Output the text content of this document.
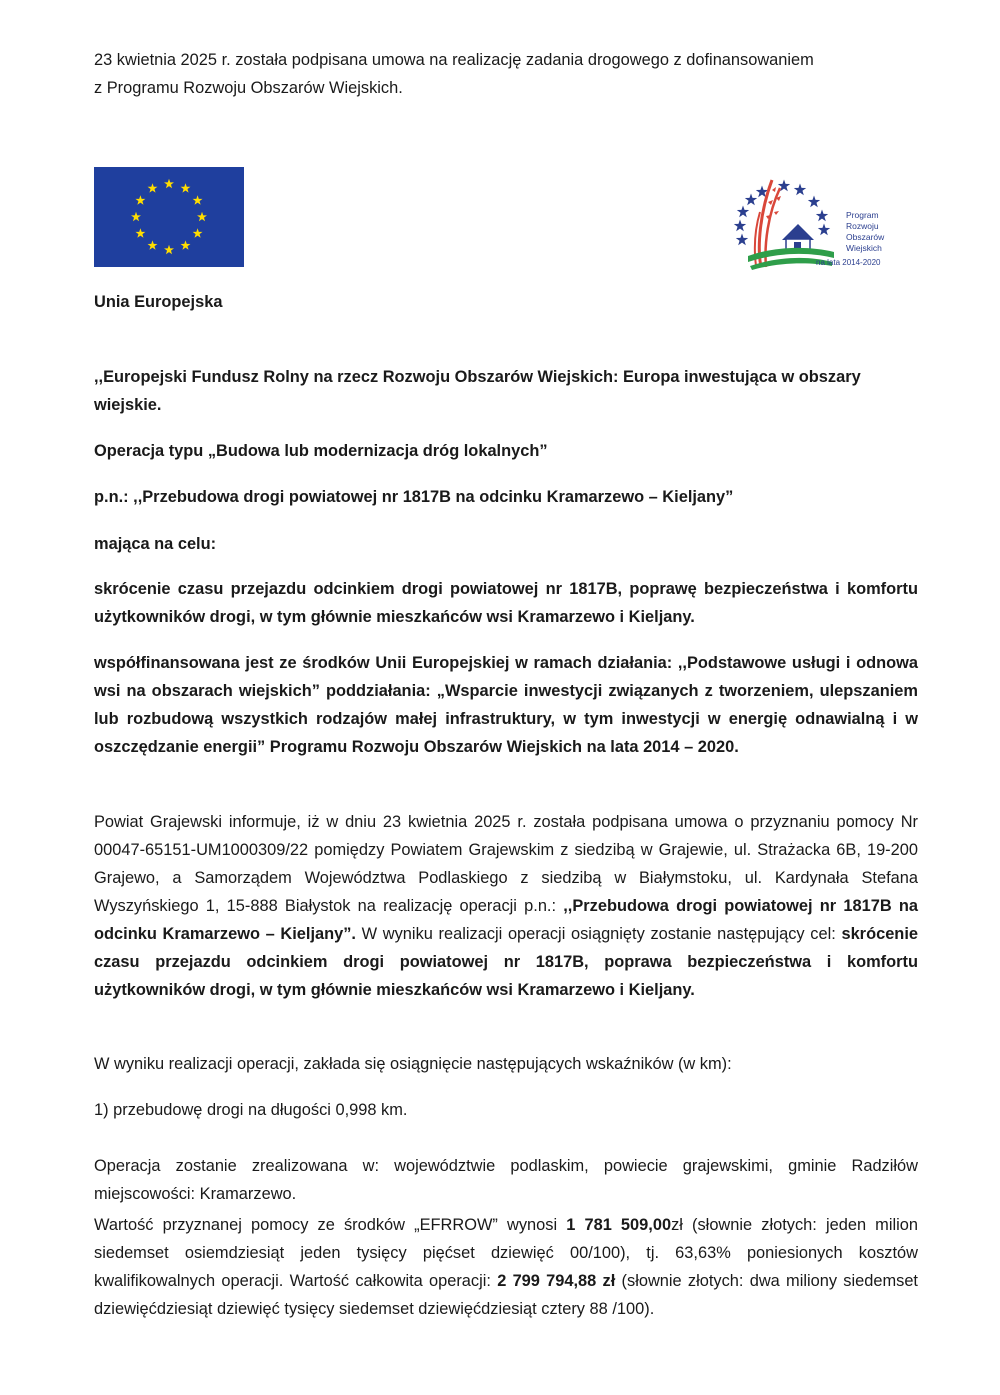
23 kwietnia 2025 r. została podpisana umowa na realizację zadania drogowego z dofinansowaniem
z Programu Rozwoju Obszarów Wiejskich.

Program
Rozwoju
Obszarów
Wiejskich
na lata 2014-2020

Unia Europejska

,,Europejski Fundusz Rolny na rzecz Rozwoju Obszarów Wiejskich: Europa inwestująca w obszary wiejskie.

Operacja typu „Budowa lub modernizacja dróg lokalnych”

p.n.: ,,Przebudowa drogi powiatowej nr 1817B na odcinku Kramarzewo – Kieljany”

mająca na celu:

skrócenie czasu przejazdu odcinkiem drogi powiatowej nr 1817B, poprawę bezpieczeństwa i komfortu użytkowników drogi, w tym głównie mieszkańców wsi Kramarzewo i Kieljany.

współfinansowana jest ze środków Unii Europejskiej w ramach działania: ,,Podstawowe usługi i odnowa wsi na obszarach wiejskich” poddziałania: „Wsparcie inwestycji związanych z tworzeniem, ulepszaniem lub rozbudową wszystkich rodzajów małej infrastruktury, w tym inwestycji w energię odnawialną i w oszczędzanie energii” Programu Rozwoju Obszarów Wiejskich na lata 2014 – 2020.

Powiat Grajewski informuje, iż w dniu 23 kwietnia 2025 r. została podpisana umowa o przyznaniu pomocy Nr 00047-65151-UM1000309/22 pomiędzy Powiatem Grajewskim z siedzibą w Grajewie, ul. Strażacka 6B, 19-200 Grajewo, a Samorządem Województwa Podlaskiego z siedzibą w Białymstoku, ul. Kardynała Stefana Wyszyńskiego 1, 15-888 Białystok na realizację operacji p.n.: ,,Przebudowa drogi powiatowej nr 1817B na odcinku Kramarzewo – Kieljany”. W wyniku realizacji operacji osiągnięty zostanie następujący cel: skrócenie czasu przejazdu odcinkiem drogi powiatowej nr 1817B, poprawa bezpieczeństwa i komfortu użytkowników drogi, w tym głównie mieszkańców wsi Kramarzewo i Kieljany.

W wyniku realizacji operacji, zakłada się osiągnięcie następujących wskaźników (w km):

1) przebudowę drogi na długości 0,998 km.

Operacja zostanie zrealizowana w: województwie podlaskim, powiecie grajewskimi, gminie Radziłów miejscowości: Kramarzewo.

Wartość przyznanej pomocy ze środków „EFRROW” wynosi 1 781 509,00zł (słownie złotych: jeden milion siedemset osiemdziesiąt jeden tysięcy pięćset dziewięć 00/100), tj. 63,63% poniesionych kosztów kwalifikowalnych operacji. Wartość całkowita operacji: 2 799 794,88 zł (słownie złotych: dwa miliony siedemset dziewięćdziesiąt dziewięć tysięcy siedemset dziewięćdziesiąt cztery 88 /100).
